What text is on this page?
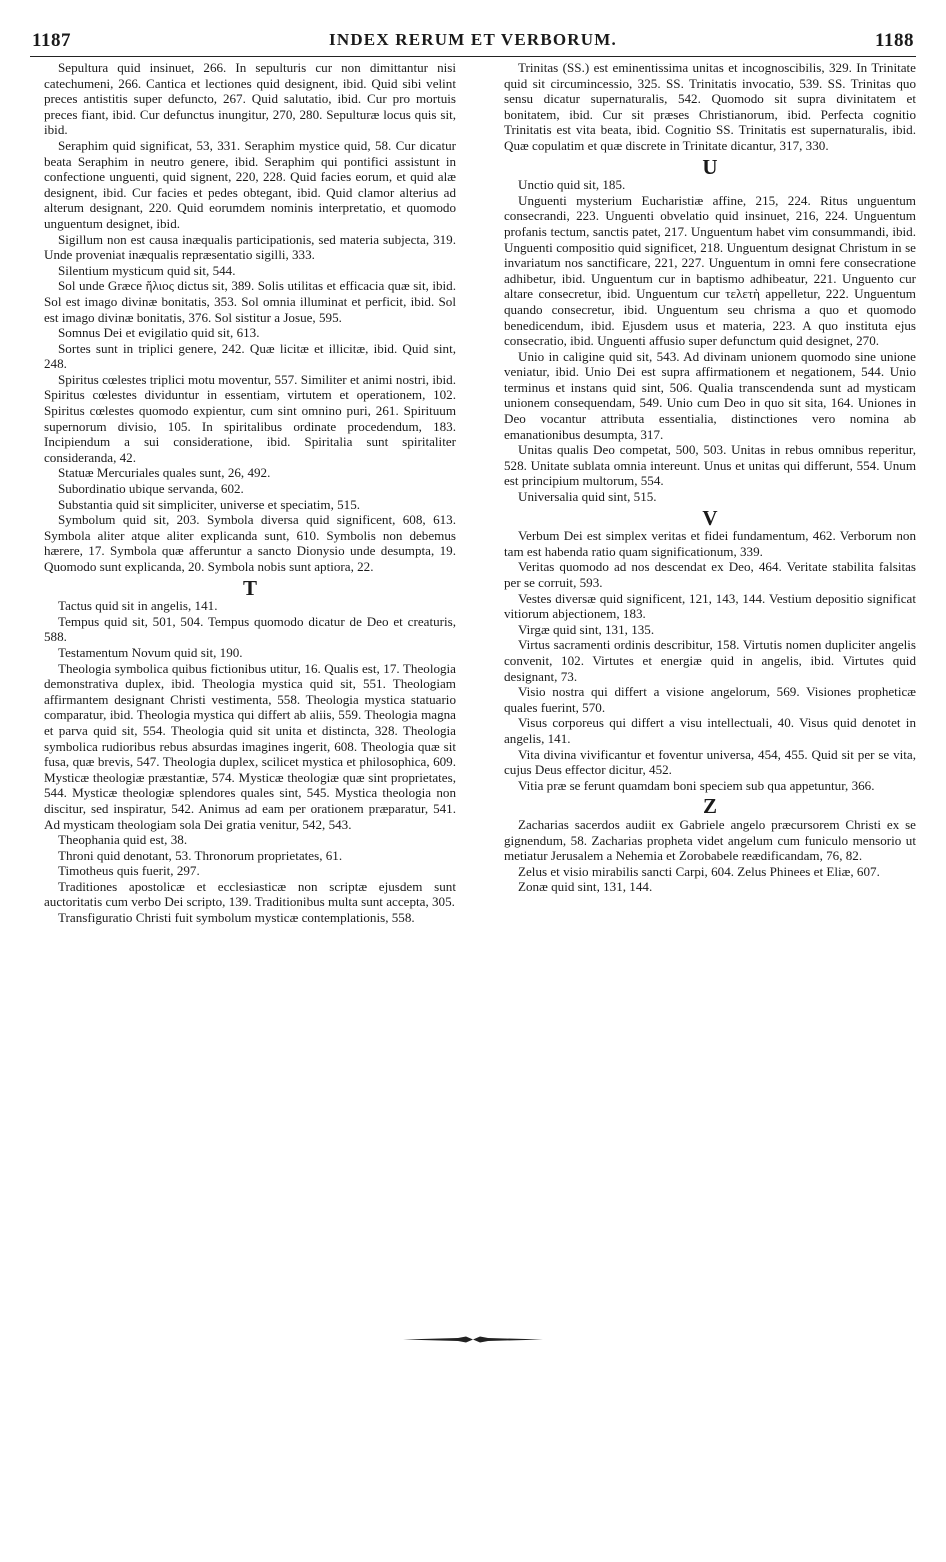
1187	INDEX RERUM ET VERBORUM.	1188

Sepultura quid insinuet, 266. In sepulturis cur non dimittantur nisi catechumeni, 266. Cantica et lectiones quid designent, ibid. Quid sibi velint preces antistitis super defuncto, 267. Quid salutatio, ibid. Cur pro mortuis preces fiant, ibid. Cur defunctus inungitur, 270, 280. Sepulturæ locus quis sit, ibid.

Seraphim quid significat, 53, 331. Seraphim mystice quid, 58. Cur dicatur beata Seraphim in neutro genere, ibid. Seraphim qui pontifici assistunt in confectione unguenti, quid signent, 220, 228. Quid facies eorum, et quid alæ designent, ibid. Cur facies et pedes obtegant, ibid. Quid clamor alterius ad alterum designant, 220. Quid eorumdem nominis interpretatio, et quomodo unguentum designet, ibid.

Sigillum non est causa inæqualis participationis, sed materia subjecta, 319. Unde proveniat inæqualis repræsentatio sigilli, 333.

Silentium mysticum quid sit, 544.

Sol unde Græce ἥλιος dictus sit, 389. Solis utilitas et efficacia quæ sit, ibid. Sol est imago divinæ bonitatis, 353. Sol omnia illuminat et perficit, ibid. Sol est imago divinæ bonitatis, 376. Sol sistitur a Josue, 595.

Somnus Dei et evigilatio quid sit, 613.

Sortes sunt in triplici genere, 242. Quæ licitæ et illicitæ, ibid. Quid sint, 248.

Spiritus cœlestes triplici motu moventur, 557. Similiter et animi nostri, ibid. Spiritus cœlestes dividuntur in essentiam, virtutem et operationem, 102. Spiritus cœlestes quomodo expientur, cum sint omnino puri, 261. Spirituum supernorum divisio, 105. In spiritalibus ordinate procedendum, 183. Incipiendum a sui consideratione, ibid. Spiritalia sunt spiritaliter consideranda, 42.

Statuæ Mercuriales quales sunt, 26, 492.

Subordinatio ubique servanda, 602.

Substantia quid sit simpliciter, universe et speciatim, 515.

Symbolum quid sit, 203. Symbola diversa quid significent, 608, 613. Symbola aliter atque aliter explicanda sunt, 610. Symbolis non debemus hærere, 17. Symbola quæ afferuntur a sancto Dionysio unde desumpta, 19. Quomodo sunt explicanda, 20. Symbola nobis sunt aptiora, 22.

T

Tactus quid sit in angelis, 141.

Tempus quid sit, 501, 504. Tempus quomodo dicatur de Deo et creaturis, 588.

Testamentum Novum quid sit, 190.

Theologia symbolica quibus fictionibus utitur, 16. Qualis est, 17. Theologia demonstrativa duplex, ibid. Theologia mystica quid sit, 551. Theologiam affirmantem designant Christi vestimenta, 558. Theologia mystica statuario comparatur, ibid. Theologia mystica qui differt ab aliis, 559. Theologia magna et parva quid sit, 554. Theologia quid sit unita et distincta, 328. Theologia symbolica rudioribus rebus absurdas imagines ingerit, 608. Theologia quæ sit fusa, quæ brevis, 547. Theologia duplex, scilicet mystica et philosophica, 609. Mysticæ theologiæ præstantiæ, 574. Mysticæ theologiæ quæ sint proprietates, 544. Mysticæ theologiæ splendores quales sint, 545. Mystica theologia non discitur, sed inspiratur, 542. Animus ad eam per orationem præparatur, 541. Ad mysticam theologiam sola Dei gratia venitur, 542, 543.

Theophania quid est, 38.

Throni quid denotant, 53. Thronorum proprietates, 61.

Timotheus quis fuerit, 297.

Traditiones apostolicæ et ecclesiasticæ non scriptæ ejusdem sunt auctoritatis cum verbo Dei scripto, 139. Traditionibus multa sunt accepta, 305.

Transfiguratio Christi fuit symbolum mysticæ contemplationis, 558.

Trinitas (SS.) est eminentissima unitas et incognoscibilis, 329. In Trinitate quid sit circumincessio, 325. SS. Trinitatis invocatio, 539. SS. Trinitas quo sensu dicatur supernaturalis, 542. Quomodo sit supra divinitatem et bonitatem, ibid. Cur sit præses Christianorum, ibid. Perfecta cognitio Trinitatis est vita beata, ibid. Cognitio SS. Trinitatis est supernaturalis, ibid. Quæ copulatim et quæ discrete in Trinitate dicantur, 317, 330.

U

Unctio quid sit, 185.

Unguenti mysterium Eucharistiæ affine, 215, 224. Ritus unguentum consecrandi, 223. Unguenti obvelatio quid insinuet, 216, 224. Unguentum profanis tectum, sanctis patet, 217. Unguentum habet vim consummandi, ibid. Unguenti compositio quid significet, 218. Unguentum designat Christum in se invariatum nos sanctificare, 221, 227. Unguentum in omni fere consecratione adhibetur, ibid. Unguentum cur in baptismo adhibeatur, 221. Unguento cur altare consecretur, ibid. Unguentum cur τελετὴ appelletur, 222. Unguentum quando consecretur, ibid. Unguentum seu chrisma a quo et quomodo benedicendum, ibid. Ejusdem usus et materia, 223. A quo instituta ejus consecratio, ibid. Unguenti affusio super defunctum quid designet, 270.

Unio in caligine quid sit, 543. Ad divinam unionem quomodo sine unione veniatur, ibid. Unio Dei est supra affirmationem et negationem, 544. Unio terminus et instans quid sint, 506. Qualia transcendenda sunt ad mysticam unionem consequendam, 549. Unio cum Deo in quo sit sita, 164. Uniones in Deo vocantur attributa essentialia, distinctiones vero nomina ab emanationibus desumpta, 317.

Unitas qualis Deo competat, 500, 503. Unitas in rebus omnibus reperitur, 528. Unitate sublata omnia intereunt. Unus et unitas qui differunt, 554. Unum est principium multorum, 554.

Universalia quid sint, 515.

V

Verbum Dei est simplex veritas et fidei fundamentum, 462. Verborum non tam est habenda ratio quam significationum, 339.

Veritas quomodo ad nos descendat ex Deo, 464. Veritate stabilita falsitas per se corruit, 593.

Vestes diversæ quid significent, 121, 143, 144. Vestium depositio significat vitiorum abjectionem, 183.

Virgæ quid sint, 131, 135.

Virtus sacramenti ordinis describitur, 158. Virtutis nomen dupliciter angelis convenit, 102. Virtutes et energiæ quid in angelis, ibid. Virtutes quid designant, 73.

Visio nostra qui differt a visione angelorum, 569. Visiones propheticæ quales fuerint, 570.

Visus corporeus qui differt a visu intellectuali, 40. Visus quid denotet in angelis, 141.

Vita divina vivificantur et foventur universa, 454, 455. Quid sit per se vita, cujus Deus effector dicitur, 452.

Vitia præ se ferunt quamdam boni speciem sub qua appetuntur, 366.

Z

Zacharias sacerdos audiit ex Gabriele angelo præcursorem Christi ex se gignendum, 58. Zacharias propheta videt angelum cum funiculo mensorio ut metiatur Jerusalem a Nehemia et Zorobabele reædificandam, 76, 82.

Zelus et visio mirabilis sancti Carpi, 604. Zelus Phinees et Eliæ, 607.

Zonæ quid sint, 131, 144.
